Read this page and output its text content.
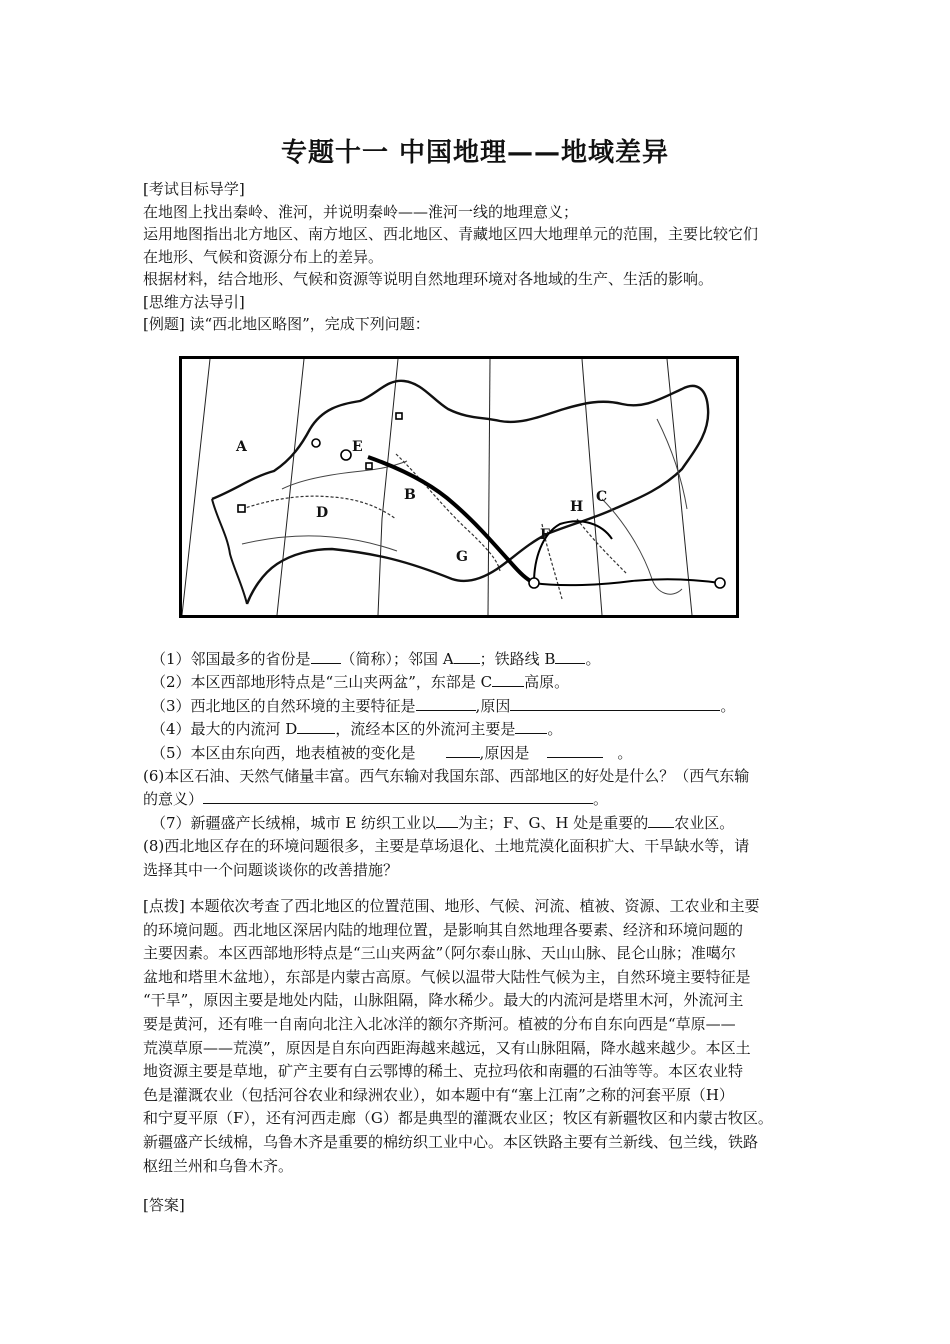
专题十一 中国地理——地域差异
[考试目标导学]
在地图上找出秦岭、淮河，并说明秦岭——淮河一线的地理意义；
运用地图指出北方地区、南方地区、西北地区、青藏地区四大地理单元的范围，主要比较它们
在地形、气候和资源分布上的差异。
根据材料，结合地形、气候和资源等说明自然地理环境对各地域的生产、生活的影响。
[思维方法导引]
[例题] 读“西北地区略图”，完成下列问题：
A
B	C
D
E
F
G
H
（1）邻国最多的省份是 （简称）；邻国 A ；铁路线 B 。
（2）本区西部地形特点是“三山夹两盆”，东部是 C 高原。
（3）西北地区的自然环境的主要特征是	,原因	。
（4）最大的内流河 D	，流经本区的外流河主要是 。
（5）本区由东向西，地表植被的变化是	,原因是	。
(6)本区石油、天然气储量丰富。西气东输对我国东部、西部地区的好处是什么？（西气东输
的意义）	。
（7）新疆盛产长绒棉，城市 E 纺织工业以 为主；F、G、H 处是重要的 农业区。
(8)西北地区存在的环境问题很多，主要是草场退化、土地荒漠化面积扩大、干旱缺水等，请
选择其中一个问题谈谈你的改善措施？
[点拨] 本题依次考查了西北地区的位置范围、地形、气候、河流、植被、资源、工农业和主要
的环境问题。西北地区深居内陆的地理位置，是影响其自然地理各要素、经济和环境问题的
主要因素。本区西部地形特点是“三山夹两盆”（阿尔泰山脉、天山山脉、昆仑山脉；准噶尔
盆地和塔里木盆地），东部是内蒙古高原。气候以温带大陆性气候为主，自然环境主要特征是
“干旱”，原因主要是地处内陆，山脉阻隔，降水稀少。最大的内流河是塔里木河，外流河主
要是黄河，还有唯一自南向北注入北冰洋的额尔齐斯河。植被的分布自东向西是“草原——
荒漠草原——荒漠”，原因是自东向西距海越来越远，又有山脉阻隔，降水越来越少。本区土
地资源主要是草地，矿产主要有白云鄂博的稀土、克拉玛依和南疆的石油等等。本区农业特
色是灌溉农业（包括河谷农业和绿洲农业），如本题中有“塞上江南”之称的河套平原（H）
和宁夏平原（F），还有河西走廊（G）都是典型的灌溉农业区；牧区有新疆牧区和内蒙古牧区。
新疆盛产长绒棉，乌鲁木齐是重要的棉纺织工业中心。本区铁路主要有兰新线、包兰线，铁路
枢纽兰州和乌鲁木齐。
[答案]
